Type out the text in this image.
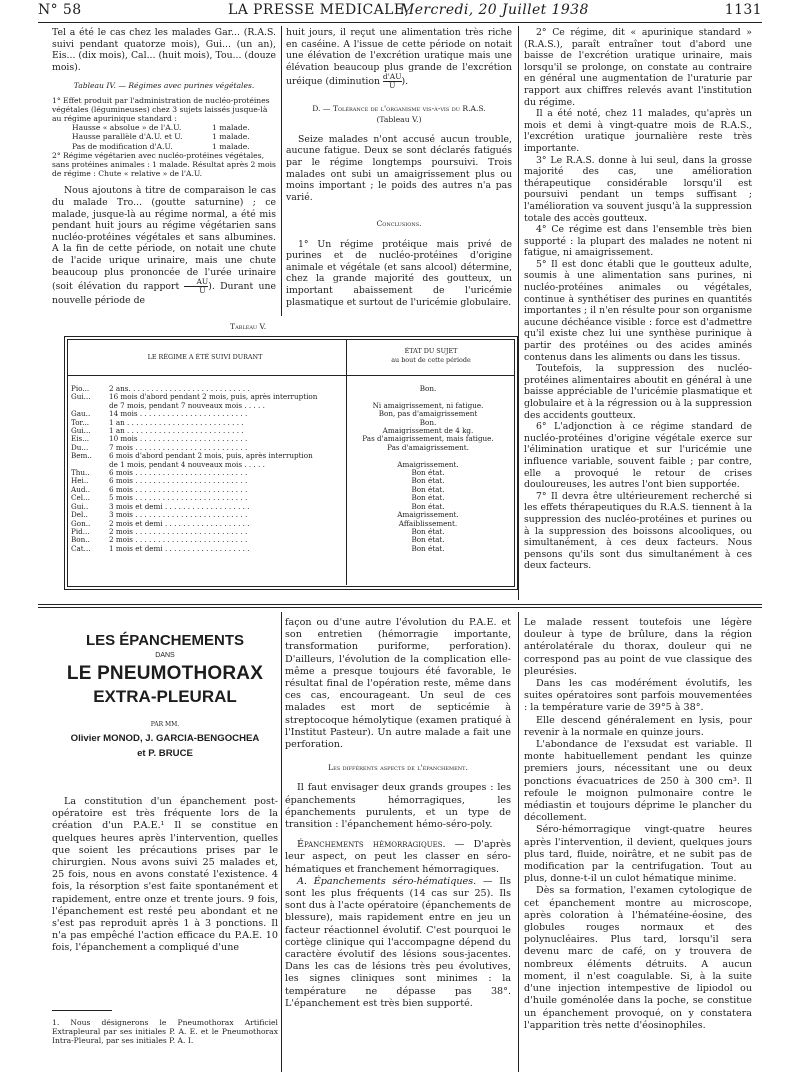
N° 58	LA PRESSE MEDICALE,
Mercredi, 20 Juillet 1938	1131

Tel a été le cas chez les malades Gar... (R.A.S. suivi pendant quatorze mois), Gui... (un an), Eis... (dix mois), Cal... (huit mois), Tou... (douze mois).

Tableau IV. — Régimes avec purines végétales.

1° Effet produit par l'administration de nucléo-protéines végétales (légumineuses) chez 3 sujets laissés jusque-là au régime apurinique standard :

Hausse « absolue » de l'A.U.	1 malade.
Hausse parallèle d'A.U. et U.	1 malade.
Pas de modification d'A.U.	1 malade.

2° Régime végétarien avec nucléo-protéines végétales, sans protéines animales : 1 malade. Résultat après 2 mois de régime : Chute « relative » de l'A.U.

Nous ajoutons à titre de comparaison le cas du malade Tro... (goutte saturnine) ; ce malade, jusque-là au régime normal, a été mis pendant huit jours au régime végétarien sans nucléo-protéines végétales et sans albumines. A la fin de cette période, on notait une chute de l'acide urique urinaire, mais une chute beaucoup plus prononcée de l'urée urinaire (soit élévation du rapport $\frac{AU}{U}$ ). Durant une nouvelle période de

huit jours, il reçut une alimentation très riche en caséine. A l'issue de cette période on notait une élévation de l'excrétion uratique mais une élévation beaucoup plus grande de l'excrétion uréique (diminution $\frac{d'AU}{U}$ ).

D. — Tolérance de l'organisme vis-à-vis du R.A.S.

(Tableau V.)

Seize malades n'ont accusé aucun trouble, aucune fatigue. Deux se sont déclarés fatigués par le régime longtemps poursuivi. Trois malades ont subi un amaigrissement plus ou moins important ; le poids des autres n'a pas varié.

Conclusions.

1° Un régime protéique mais privé de purines et de nucléo-protéines d'origine animale et végétale (et sans alcool) détermine, chez la grande majorité des goutteux, un important abaissement de l'uricémie plasmatique et surtout de l'uricémie globulaire.

Tableau V.

LE RÉGIME A ÉTÉ SUIVI DURANT

ÉTAT DU SUJET

au bout de cette période

Pio...	2 ans. . . . . . . . . . . . . . . . . . . . . . . . . . .	Bon.
Gui...	16 mois d'abord pendant 2 mois, puis, après interruption
de 7 mois, pendant 7 nouveaux mois . . . . .	Ni amaigrissement, ni fatigue.
Gau..	14 mois . . . . . . . . . . . . . . . . . . . . . . . .	Bon, pas d'amaigrissement
Tor...	1 an . . . . . . . . . . . . . . . . . . . . . . . . . .	Bon.
Gui...	1 an . . . . . . . . . . . . . . . . . . . . . . . . . .	Amaigrissement de 4 kg.
Eis...	10 mois . . . . . . . . . . . . . . . . . . . . . . . .	Pas d'amaigrissement, mais fatigue.
Du...	7 mois . . . . . . . . . . . . . . . . . . . . . . . . .	Pas d'amaigrissement.
Bem..	6 mois d'abord pendant 2 mois, puis, après interruption
de 1 mois, pendant 4 nouveaux mois . . . . .	Amaigrissement.
Thu..	6 mois . . . . . . . . . . . . . . . . . . . . . . . . .	Bon état.
Hei..	6 mois . . . . . . . . . . . . . . . . . . . . . . . . .	Bon état.
Aud..	6 mois . . . . . . . . . . . . . . . . . . . . . . . . .	Bon état.
Cel...	5 mois . . . . . . . . . . . . . . . . . . . . . . . . .	Bon état.
Gui..	3 mois et demi . . . . . . . . . . . . . . . . . . .	Bon état.
Del..	3 mois . . . . . . . . . . . . . . . . . . . . . . . . .	Amaigrissement.
Gon..	2 mois et demi . . . . . . . . . . . . . . . . . . .	Affaiblissement.
Pid...	2 mois . . . . . . . . . . . . . . . . . . . . . . . . .	Bon état.
Bon..	2 mois . . . . . . . . . . . . . . . . . . . . . . . . .	Bon état.
Cat...	1 mois et demi . . . . . . . . . . . . . . . . . . .	Bon état.

2° Ce régime, dit « apurinique standard » (R.A.S.), paraît entraîner tout d'abord une baisse de l'excrétion uratique urinaire, mais lorsqu'il se prolonge, on constate au contraire en général une augmentation de l'uraturie par rapport aux chiffres relevés avant l'institution du régime.

Il a été noté, chez 11 malades, qu'après un mois et demi à vingt-quatre mois de R.A.S., l'excrétion uratique journalière reste très importante.

3° Le R.A.S. donne à lui seul, dans la grosse majorité des cas, une amélioration thérapeutique considérable lorsqu'il est poursuivi pendant un temps suffisant ; l'amélioration va souvent jusqu'à la suppression totale des accès goutteux.

4° Ce régime est dans l'ensemble très bien supporté : la plupart des malades ne notent ni fatigue, ni amaigrissement.

5° Il est donc établi que le goutteux adulte, soumis à une alimentation sans purines, ni nucléo-protéines animales ou végétales, continue à synthétiser des purines en quantités importantes ; il n'en résulte pour son organisme aucune déchéance visible : force est d'admettre qu'il existe chez lui une synthèse purinique à partir des protéines ou des acides aminés contenus dans les aliments ou dans les tissus.

Toutefois, la suppression des nucléo-protéines alimentaires aboutit en général à une baisse appréciable de l'uricémie plasmatique et globulaire et à la régression ou à la suppression des accidents goutteux.

6° L'adjonction à ce régime standard de nucléo-protéines d'origine végétale exerce sur l'élimination uratique et sur l'uricémie une influence variable, souvent faible ; par contre, elle a provoqué le retour de crises douloureuses, les autres l'ont bien supportée.

7° Il devra être ultérieurement recherché si les effets thérapeutiques du R.A.S. tiennent à la suppression des nucléo-protéines et purines ou à la suppression des boissons alcooliques, ou simultanément, à ces deux facteurs. Nous pensons qu'ils sont dus simultanément à ces deux facteurs.

LES ÉPANCHEMENTS

DANS

LE PNEUMOTHORAX

EXTRA-PLEURAL

PAR MM.

Olivier MONOD, J. GARCIA-BENGOCHEA

et P. BRUCE

La constitution d'un épanchement post-opératoire est très fréquente lors de la création d'un P.A.E.¹ Il se constitue en quelques heures après l'intervention, quelles que soient les précautions prises par le chirurgien. Nous avons suivi 25 malades et, 25 fois, nous en avons constaté l'existence. 4 fois, la résorption s'est faite spontanément et rapidement, entre onze et trente jours. 9 fois, l'épanchement est resté peu abondant et ne s'est pas reproduit après 1 à 3 ponctions. Il n'a pas empêché l'action efficace du P.A.E. 10 fois, l'épanchement a compliqué d'une

1. Nous désignerons le Pneumothorax Artificiel Extrapleural par ses initiales P. A. E. et le Pneumothorax Intra-Pleural, par ses initiales P. A. I.

façon ou d'une autre l'évolution du P.A.E. et son entretien (hémorragie importante, transformation puriforme, perforation). D'ailleurs, l'évolution de la complication elle-même a presque toujours été favorable, le résultat final de l'opération reste, même dans ces cas, encourageant. Un seul de ces malades est mort de septicémie à streptocoque hémolytique (examen pratiqué à l'Institut Pasteur). Un autre malade a fait une perforation.

Les différents aspects de l'épanchement.

Il faut envisager deux grands groupes : les épanchements hémorragiques, les épanchements purulents, et un type de transition : l'épanchement hémo-séro-poly.

Épanchements hémorragiques. — D'après leur aspect, on peut les classer en séro-hématiques et franchement hémorragiques.

A. Épanchements séro-hématiques. — Ils sont les plus fréquents (14 cas sur 25). Ils sont dus à l'acte opératoire (épanchements de blessure), mais rapidement entre en jeu un facteur réactionnel évolutif. C'est pourquoi le cortège clinique qui l'accompagne dépend du caractère évolutif des lésions sous-jacentes. Dans les cas de lésions très peu évolutives, les signes cliniques sont minimes : la température ne dépasse pas 38°. L'épanchement est très bien supporté.

Le malade ressent toutefois une légère douleur à type de brûlure, dans la région antérolatérale du thorax, douleur qui ne correspond pas au point de vue classique des pleurésies.

Dans les cas modérément évolutifs, les suites opératoires sont parfois mouvementées : la température varie de 39°5 à 38°.

Elle descend généralement en lysis, pour revenir à la normale en quinze jours.

L'abondance de l'exsudat est variable. Il monte habituellement pendant les quinze premiers jours, nécessitant une ou deux ponctions évacuatrices de 250 à 300 cm³. Il refoule le moignon pulmonaire contre le médiastin et toujours déprime le plancher du décollement.

Séro-hémorragique vingt-quatre heures après l'intervention, il devient, quelques jours plus tard, fluide, noirâtre, et ne subit pas de modification par la centrifugation. Tout au plus, donne-t-il un culot hématique minime.

Dès sa formation, l'examen cytologique de cet épanchement montre au microscope, après coloration à l'hématéine-éosine, des globules rouges normaux et des polynucléaires. Plus tard, lorsqu'il sera devenu marc de café, on y trouvera de nombreux éléments détruits. A aucun moment, il n'est coagulable. Si, à la suite d'une injection intempestive de lipiodol ou d'huile goménolée dans la poche, se constitue un épanchement provoqué, on y constatera l'apparition très nette d'éosinophiles.
